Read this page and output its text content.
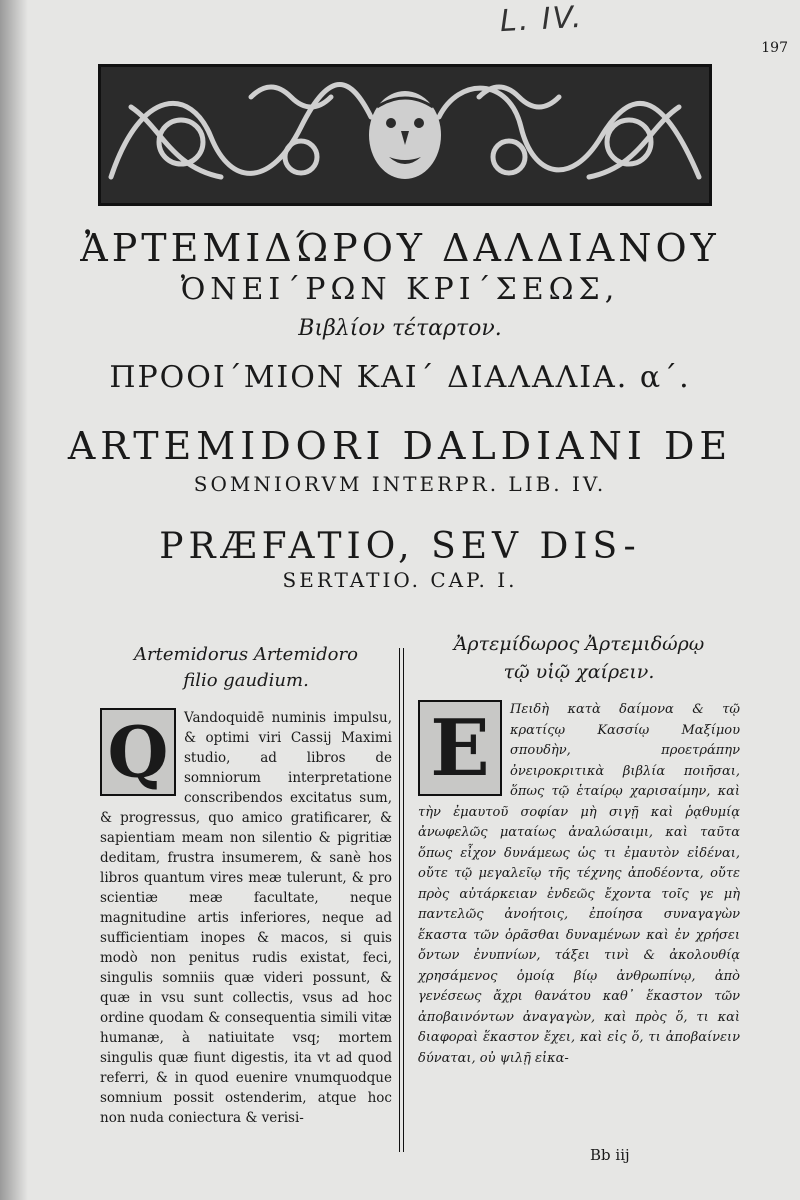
L. IV.
197
ἈΡΤΕΜΙΔΏΡΟΥ ΔΑΛΔΙΑΝΟΥ
ὈΝΕΙ΄ΡΩΝ ΚΡΙ΄ΣΕΩΣ,
Βιβλίον τέταρτον.
ΠΡΟΟΙ΄ΜΙΟΝ ΚΑΙ΄ ΔΙΑΛΑΛΙΑ. α΄.
ARTEMIDORI DALDIANI DE
SOMNIORVM INTERPR. LIB. IV.
PRÆFATIO, SEV DIS-
SERTATIO. CAP. I.
Artemidorus Artemidoro
filio gaudium.
Q	Vandoquidē numinis impulsu, & optimi viri Cassij Maximi studio, ad libros de somniorum interpretatione conscribendos excitatus sum, & progressus, quo amico gratificarer, & sapientiam meam non silentio & pigritiæ deditam, frustra insumerem, & sanè hos libros quantum vires meæ tulerunt, & pro scientiæ meæ facultate, neque magnitudine artis inferiores, neque ad sufficientiam inopes & macos, si quis modò non penitus rudis existat, feci, singulis somniis quæ videri possunt, & quæ in vsu sunt collectis, vsus ad hoc ordine quodam & consequentia simili vitæ humanæ, à natiuitate vsq; mortem singulis quæ fiunt digestis, ita vt ad quod referri, & in quod euenire vnumquodque somnium possit ostenderim, atque hoc non nuda coniectura & verisi-

Ἀρτεμίδωρος Ἀρτεμιδώρῳ
τῷ υἱῷ χαίρειν.
Ε	Πειδὴ κατὰ δαίμονα & τῷ κρατίςῳ Κασσίῳ Μαξίμου σπουδὴν, προετράπην ὀνειροκριτικὰ βιβλία ποιῆσαι, ὅπως τῷ ἑταίρῳ χαρισαίμην, καὶ τὴν ἐμαυτοῦ σοφίαν μὴ σιγῇ καὶ ῥᾳθυμίᾳ ἀνωφελῶς ματαίως ἀναλώσαιμι, καὶ ταῦτα ὅπως εἶχον δυνάμεως ὡς τι ἐμαυτὸν εἰδέναι, οὔτε τῷ μεγαλεῖῳ τῆς τέχνης ἀποδέοντα, οὔτε πρὸς αὐτάρκειαν ἐνδεῶς ἔχοντα τοῖς γε μὴ παντελῶς ἀνοήτοις, ἐποίησα συναγαγὼν ἕκαστα τῶν ὁρᾶσθαι δυναμένων καὶ ἐν χρήσει ὄντων ἐνυπνίων, τάξει τινὶ & ἀκολουθίᾳ χρησάμενος ὁμοίᾳ βίῳ ἀνθρωπίνῳ, ἀπὸ γενέσεως ἄχρι θανάτου καθ᾽ ἕκαστον τῶν ἀποβαινόντων ἀναγαγὼν, καὶ πρὸς ὅ, τι καὶ διαφοραὶ ἕκαστον ἔχει, καὶ εἰς ὅ, τι ἀποβαίνειν δύναται, οὐ ψιλῇ εἰκα-

Bb iij
